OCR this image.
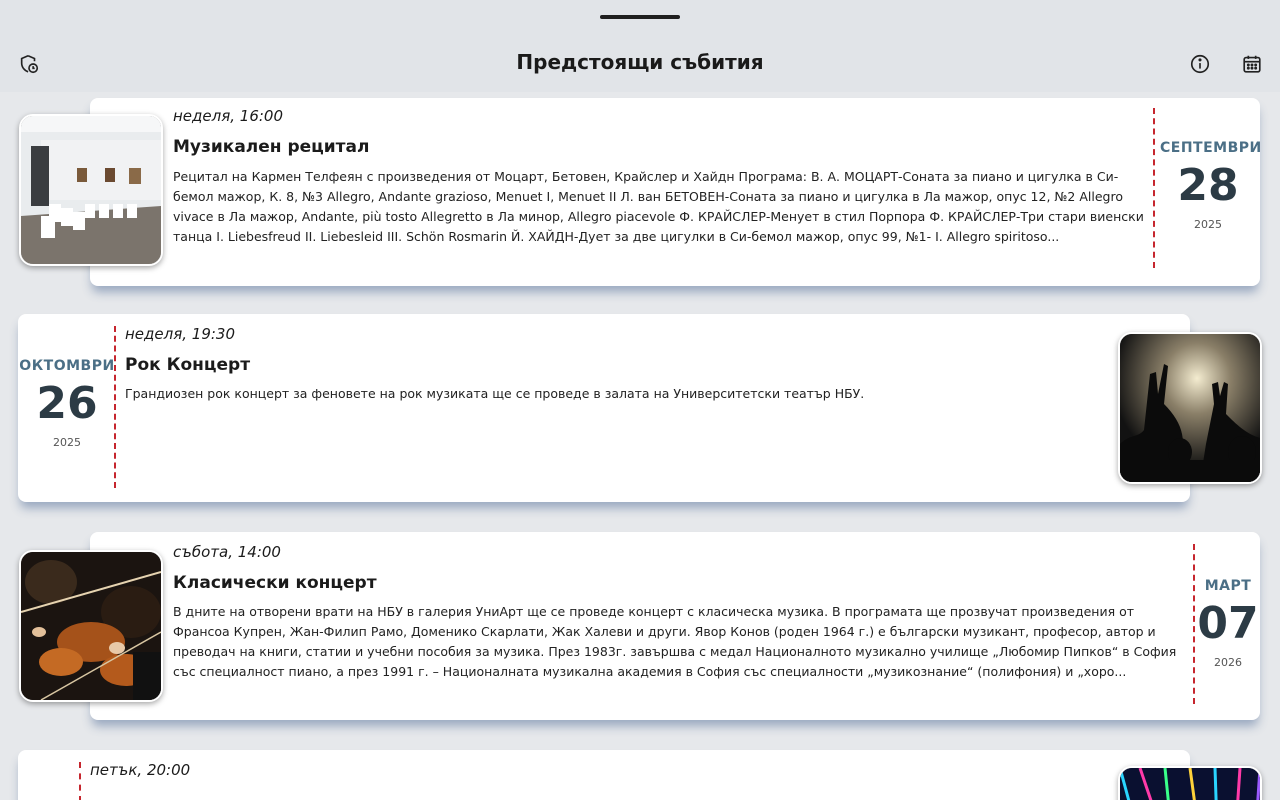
Предстоящи събития
неделя, 16:00
Музикален рецитал
Рецитал на Кармен Телфеян с произведения от Моцарт, Бетовен, Крайслер и Хайдн Програма: В. А. МОЦАРТ-Соната за пиано и цигулка в Си-бемол мажор, К. 8, №3 Allegro, Andante grazioso, Menuet I, Menuet II Л. ван БЕТОВЕН-Соната за пиано и цигулка в Ла мажор, опус 12, №2 Allegro vivace в Ла мажор, Andante, più tosto Allegretto в Ла минор, Allegro piacevole Ф. КРАЙСЛЕР-Менует в стил Порпора Ф. КРАЙСЛЕР-Три стари виенски танца I. Liebesfreud II. Liebesleid III. Schön Rosmarin Й. ХАЙДН-Дует за две цигулки в Си-бемол мажор, опус 99, №1- I. Allegro spiritoso...
СЕПТЕМВРИ
28
2025
ОКТОМВРИ
26
2025
неделя, 19:30
Рок Концерт
Грандиозен рок концерт за феновете на рок музиката ще се проведе в залата на Университетски театър НБУ.
събота, 14:00
Класически концерт
В дните на отворени врати на НБУ в галерия УниАрт ще се проведе концерт с класическа музика. В програмата ще прозвучат произведения от Франсоа Купрен, Жан-Филип Рамо, Доменико Скарлати, Жак Халеви и други. Явор Конов (роден 1964 г.) е български музикант, професор, автор и преводач на книги, статии и учебни пособия за музика. През 1983г. завършва с медал Националното музикално училище „Любомир Пипков“ в София със специалност пиано, а през 1991 г. – Националната музикална академия в София със специалности „музикознание“ (полифония) и „хоро...
МАРТ
07
2026
петък, 20:00
